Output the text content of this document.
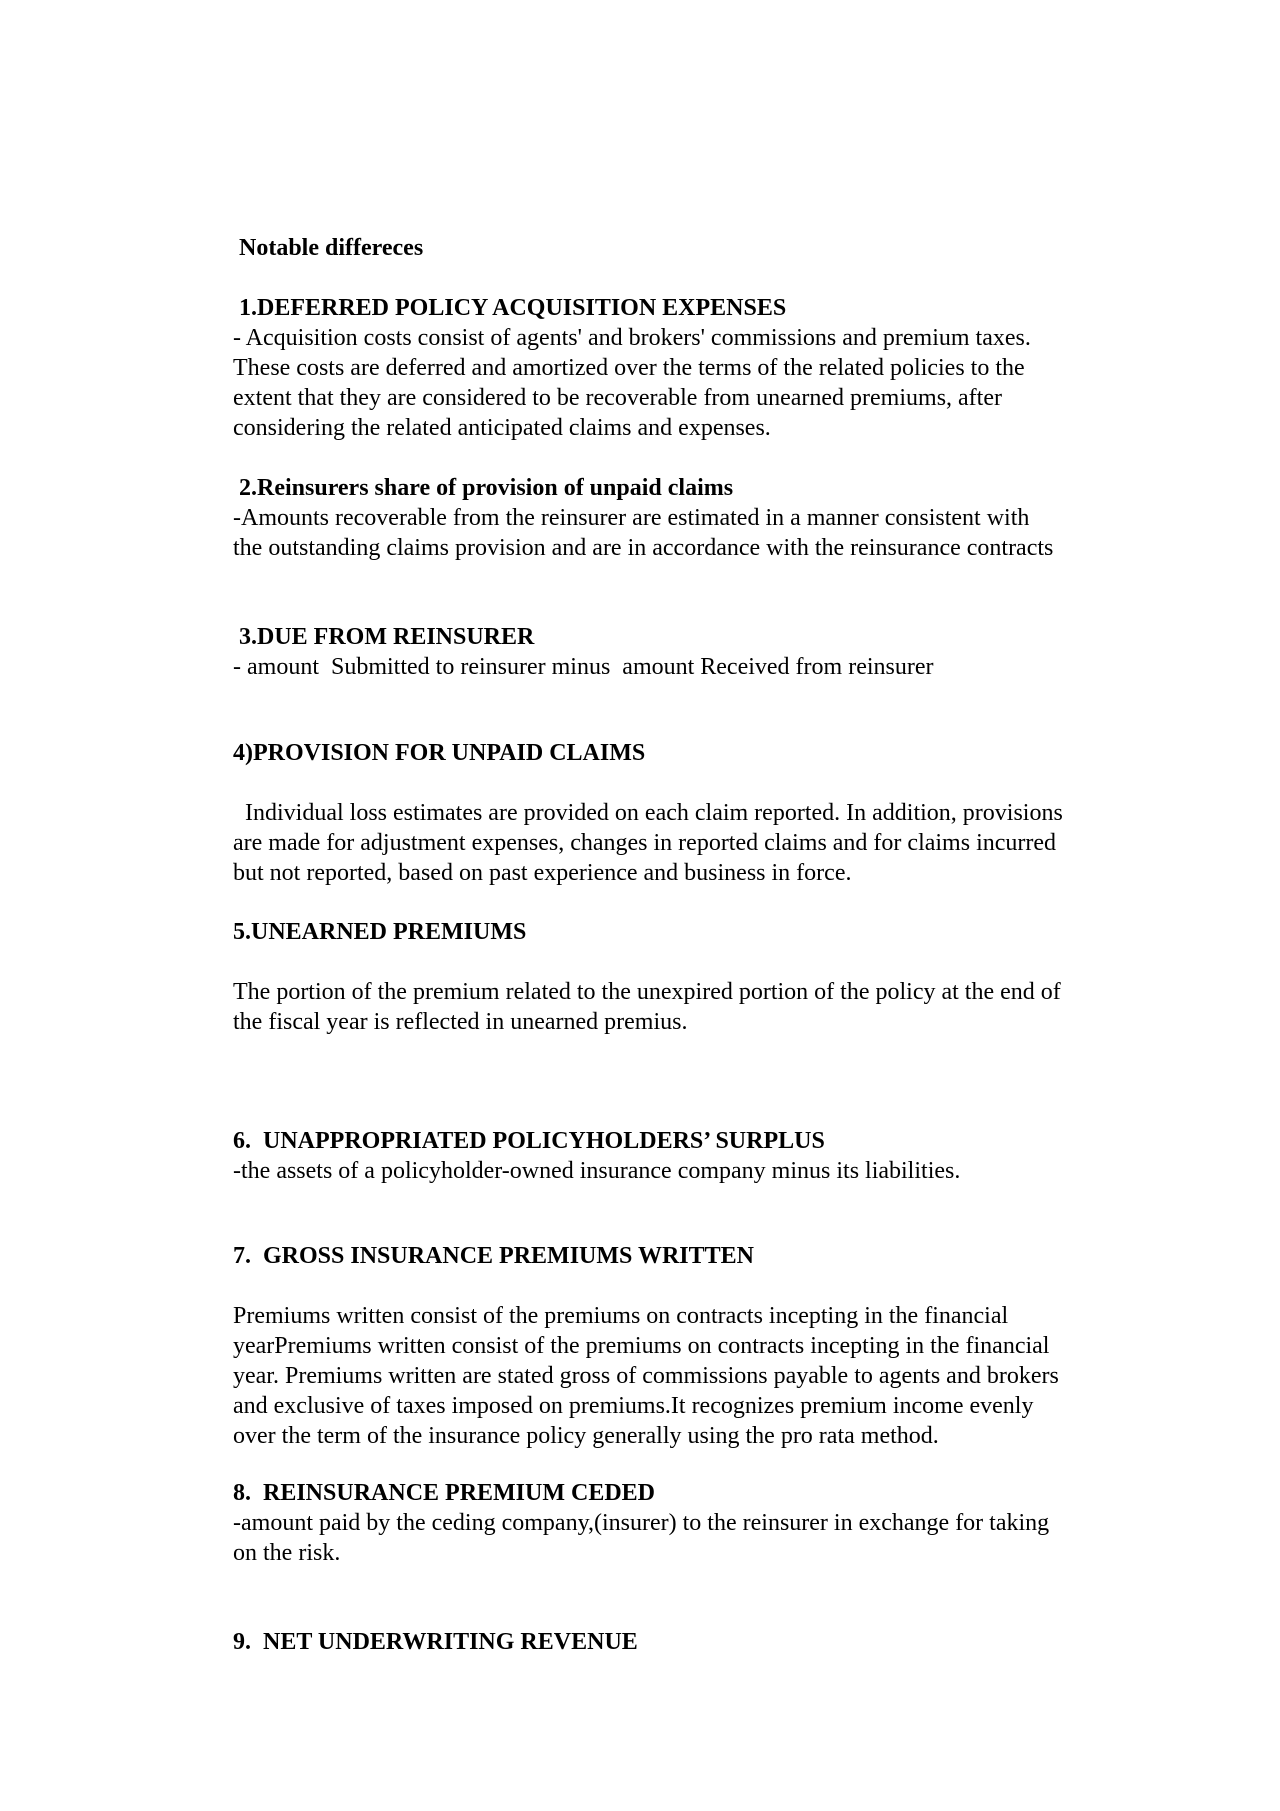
Notable differeces
1.DEFERRED POLICY ACQUISITION EXPENSES
- Acquisition costs consist of agents' and brokers' commissions and premium taxes.
These costs are deferred and amortized over the terms of the related policies to the
extent that they are considered to be recoverable from unearned premiums, after
considering the related anticipated claims and expenses.
2.Reinsurers share of provision of unpaid claims
-Amounts recoverable from the reinsurer are estimated in a manner consistent with
the outstanding claims provision and are in accordance with the reinsurance contracts
3.DUE FROM REINSURER
- amount  Submitted to reinsurer minus  amount Received from reinsurer
4)PROVISION FOR UNPAID CLAIMS
Individual loss estimates are provided on each claim reported. In addition, provisions
are made for adjustment expenses, changes in reported claims and for claims incurred
but not reported, based on past experience and business in force.
5.UNEARNED PREMIUMS
The portion of the premium related to the unexpired portion of the policy at the end of
the fiscal year is reflected in unearned premius.
6.  UNAPPROPRIATED POLICYHOLDERS’ SURPLUS
-the assets of a policyholder-owned insurance company minus its liabilities.
7.  GROSS INSURANCE PREMIUMS WRITTEN
Premiums written consist of the premiums on contracts incepting in the financial
yearPremiums written consist of the premiums on contracts incepting in the financial
year. Premiums written are stated gross of commissions payable to agents and brokers
and exclusive of taxes imposed on premiums.It recognizes premium income evenly
over the term of the insurance policy generally using the pro rata method.
8.  REINSURANCE PREMIUM CEDED
-amount paid by the ceding company,(insurer) to the reinsurer in exchange for taking
on the risk.
9.  NET UNDERWRITING REVENUE
